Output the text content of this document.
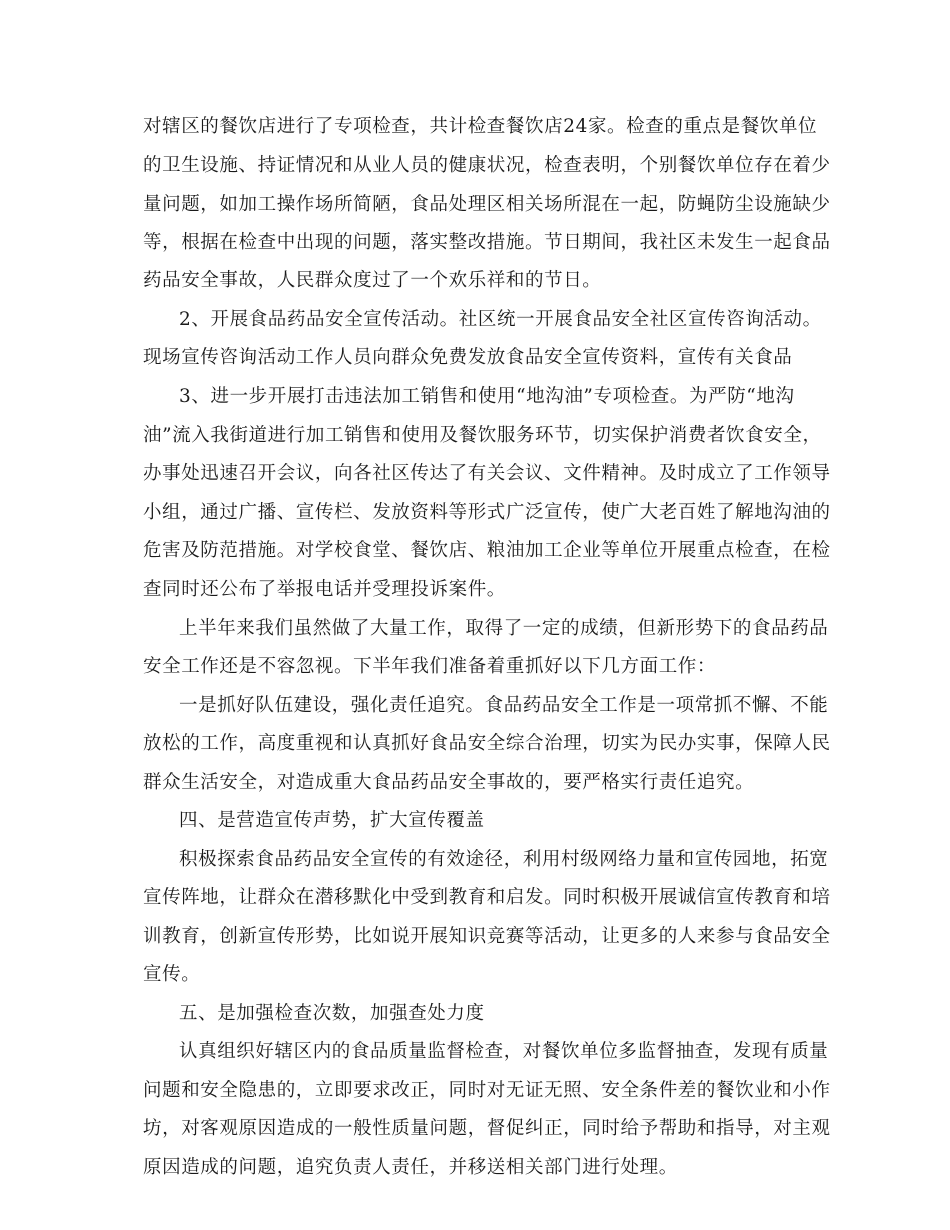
对辖区的餐饮店进行了专项检查，共计检查餐饮店24家。检查的重点是餐饮单位
的卫生设施、持证情况和从业人员的健康状况，检查表明，个别餐饮单位存在着少
量问题，如加工操作场所简陋，食品处理区相关场所混在一起，防蝇防尘设施缺少
等，根据在检查中出现的问题，落实整改措施。节日期间，我社区未发生一起食品
药品安全事故，人民群众度过了一个欢乐祥和的节日。
2、开展食品药品安全宣传活动。社区统一开展食品安全社区宣传咨询活动。
现场宣传咨询活动工作人员向群众免费发放食品安全宣传资料，宣传有关食品
3、进一步开展打击违法加工销售和使用“地沟油”专项检查。为严防“地沟
油”流入我街道进行加工销售和使用及餐饮服务环节，切实保护消费者饮食安全，
办事处迅速召开会议，向各社区传达了有关会议、文件精神。及时成立了工作领导
小组，通过广播、宣传栏、发放资料等形式广泛宣传，使广大老百姓了解地沟油的
危害及防范措施。对学校食堂、餐饮店、粮油加工企业等单位开展重点检查，在检
查同时还公布了举报电话并受理投诉案件。
上半年来我们虽然做了大量工作，取得了一定的成绩，但新形势下的食品药品
安全工作还是不容忽视。下半年我们准备着重抓好以下几方面工作：
一是抓好队伍建设，强化责任追究。食品药品安全工作是一项常抓不懈、不能
放松的工作，高度重视和认真抓好食品安全综合治理，切实为民办实事，保障人民
群众生活安全，对造成重大食品药品安全事故的，要严格实行责任追究。
四、是营造宣传声势，扩大宣传覆盖
积极探索食品药品安全宣传的有效途径，利用村级网络力量和宣传园地，拓宽
宣传阵地，让群众在潜移默化中受到教育和启发。同时积极开展诚信宣传教育和培
训教育，创新宣传形势，比如说开展知识竞赛等活动，让更多的人来参与食品安全
宣传。
五、是加强检查次数，加强查处力度
认真组织好辖区内的食品质量监督检查，对餐饮单位多监督抽查，发现有质量
问题和安全隐患的，立即要求改正，同时对无证无照、安全条件差的餐饮业和小作
坊，对客观原因造成的一般性质量问题，督促纠正，同时给予帮助和指导，对主观
原因造成的问题，追究负责人责任，并移送相关部门进行处理。
